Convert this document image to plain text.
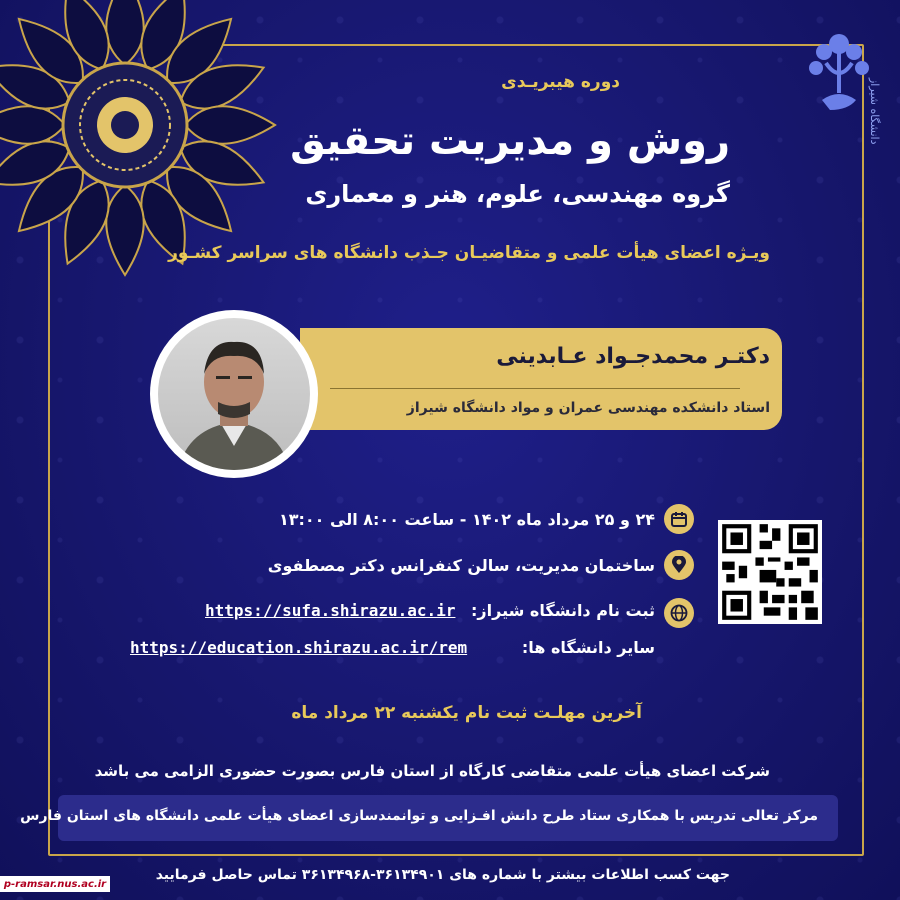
دانشگاه شیراز
دوره هیبریـدی
روش و مدیریت تحقیق
گروه مهندسی، علوم، هنر و معماری
ویـژه اعضای هیأت علمی و متقاضیـان جـذب دانشگاه های سراسر کشـور
دکتـر محمدجـواد عـابدینی
استاد دانشکده مهندسی عمران و مواد دانشگاه شیراز
۲۴ و ۲۵ مرداد ماه ۱۴۰۲ - ساعت ۸:۰۰ الی ۱۳:۰۰
ساختمان مدیریت، سالن کنفرانس دکتر مصطفوی
ثبت نام دانشگاه شیراز:
https://sufa.shirazu.ac.ir
سایر دانشگاه ها:
https://education.shirazu.ac.ir/rem
آخرین مهلـت ثبت نام یکشنبه ۲۲ مرداد ماه
شرکت اعضای هیأت علمی متقاضی کارگاه از استان فارس بصورت حضوری الزامی می باشد
مرکز تعالی تدریس با همکاری ستاد طرح دانش افـزایی و توانمندسازی اعضای هیأت علمی دانشگاه های استان فارس
جهت کسب اطلاعات بیشتر با شماره های ۳۶۱۳۴۹۰۱-۳۶۱۳۴۹۶۸ تماس حاصل فرمایید
p-ramsar.nus.ac.ir
